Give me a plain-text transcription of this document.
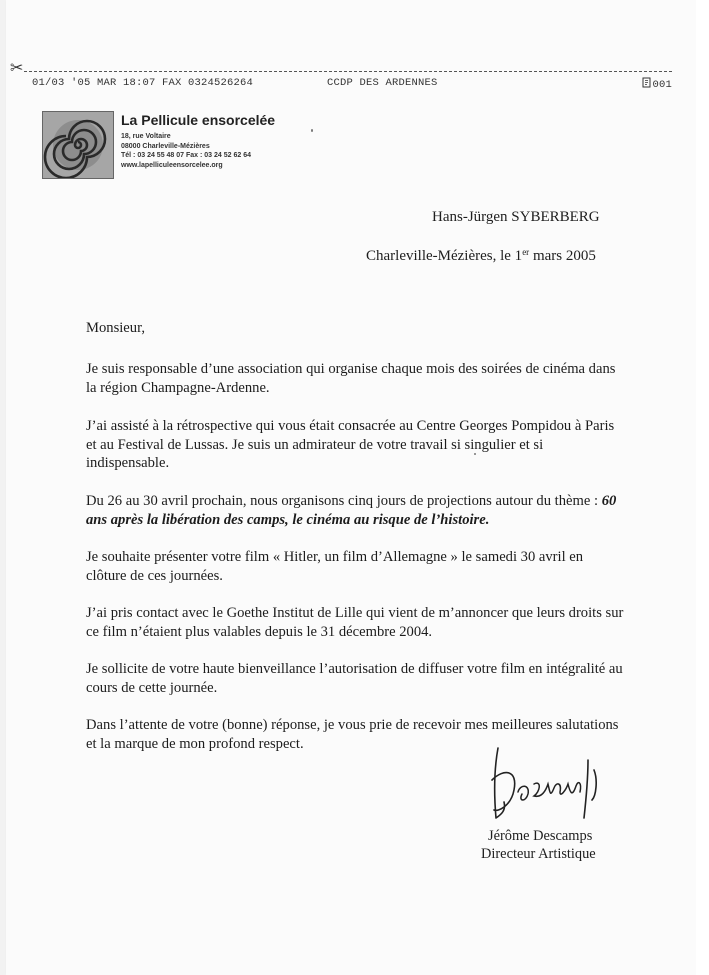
✂
01/03 '05 MAR 18:07 FAX 0324526264	CCDP DES ARDENNES	001
La Pellicule ensorcelée
18, rue Voltaire
08000 Charleville-Mézières
Tél : 03 24 55 48 07 Fax : 03 24 52 62 64
www.lapelliculeensorcelee.org
Hans-Jürgen SYBERBERG
Charleville-Mézières, le 1er mars 2005
Monsieur,
Je suis responsable d’une association qui organise chaque mois des soirées de cinéma dans la région Champagne-Ardenne.
J’ai assisté à la rétrospective qui vous était consacrée au Centre Georges Pompidou à Paris et au Festival de Lussas. Je suis un admirateur de votre travail si singulier et si indispensable.
Du 26 au 30 avril prochain, nous organisons cinq jours de projections autour du thème : 60 ans après la libération des camps, le cinéma au risque de l’histoire.
Je souhaite présenter votre film « Hitler, un film d’Allemagne » le samedi 30 avril en clôture de ces journées.
J’ai pris contact avec le Goethe Institut de Lille qui vient de m’annoncer que leurs droits sur ce film n’étaient plus valables depuis le 31 décembre 2004.
Je sollicite de votre haute bienveillance l’autorisation de diffuser votre film en intégralité au cours de cette journée.
Dans l’attente de votre (bonne) réponse, je vous prie de recevoir mes meilleures salutations et la marque de mon profond respect.
Jérôme Descamps
Directeur Artistique
